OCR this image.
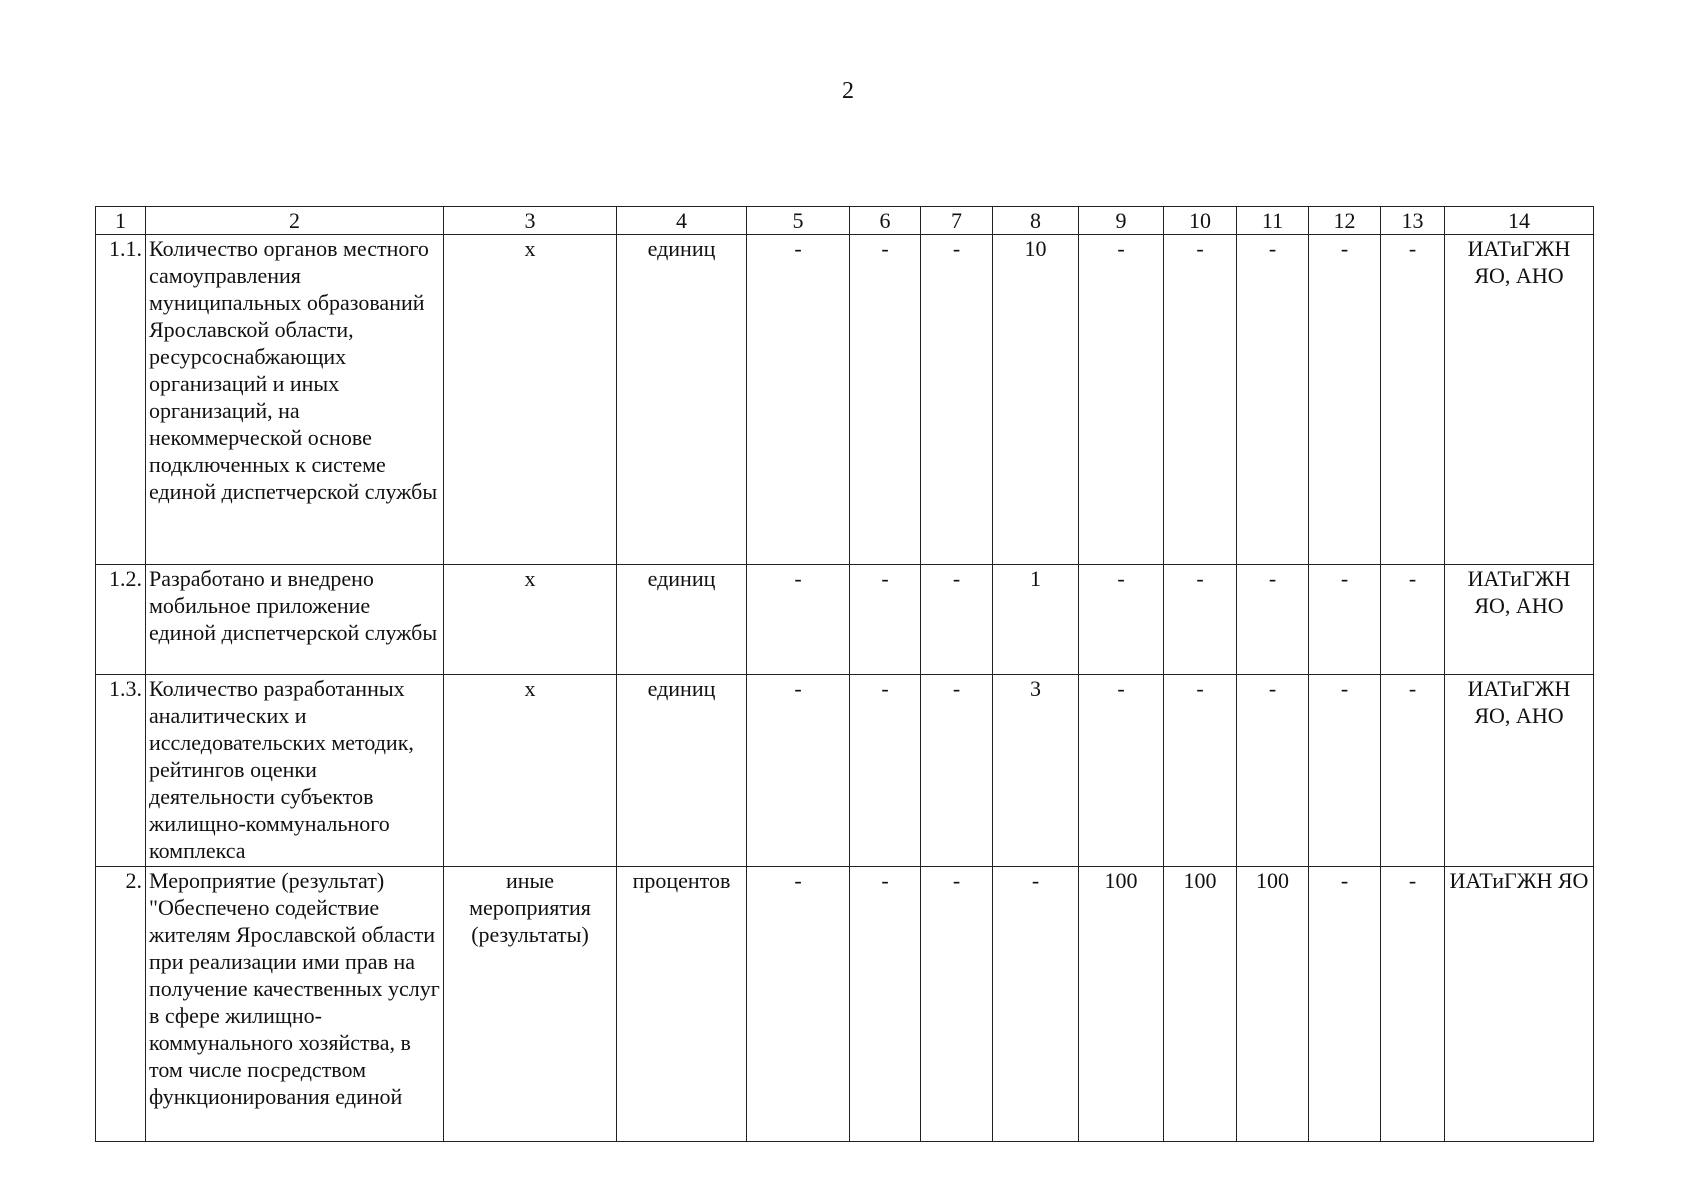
2
1	2	3	4	5	6	7	8	9	10	11	12	13	14
1.1.	Количество органов местного самоуправления муниципальных образований Ярославской области, ресурсоснабжающих организаций и иных организаций, на некоммерческой основе подключенных к системе единой диспетчерской службы	х	единиц	-	-	-	10	-	-	-	-	-	ИАТиГЖН ЯО, АНО
1.2.	Разработано и внедрено мобильное приложение единой диспетчерской службы	х	единиц	-	-	-	1	-	-	-	-	-	ИАТиГЖН ЯО, АНО
1.3.	Количество разработанных аналитических и исследовательских методик, рейтингов оценки деятельности субъектов жилищно-коммунального комплекса	х	единиц	-	-	-	3	-	-	-	-	-	ИАТиГЖН ЯО, АНО
2.	Мероприятие (результат) "Обеспечено содействие жителям Ярославской области при реализации ими прав на получение качественных услуг в сфере жилищно-коммунального хозяйства, в том числе посредством функционирования единой	иные мероприятия (результаты)	процентов	-	-	-	-	100	100	100	-	-	ИАТиГЖН ЯО
